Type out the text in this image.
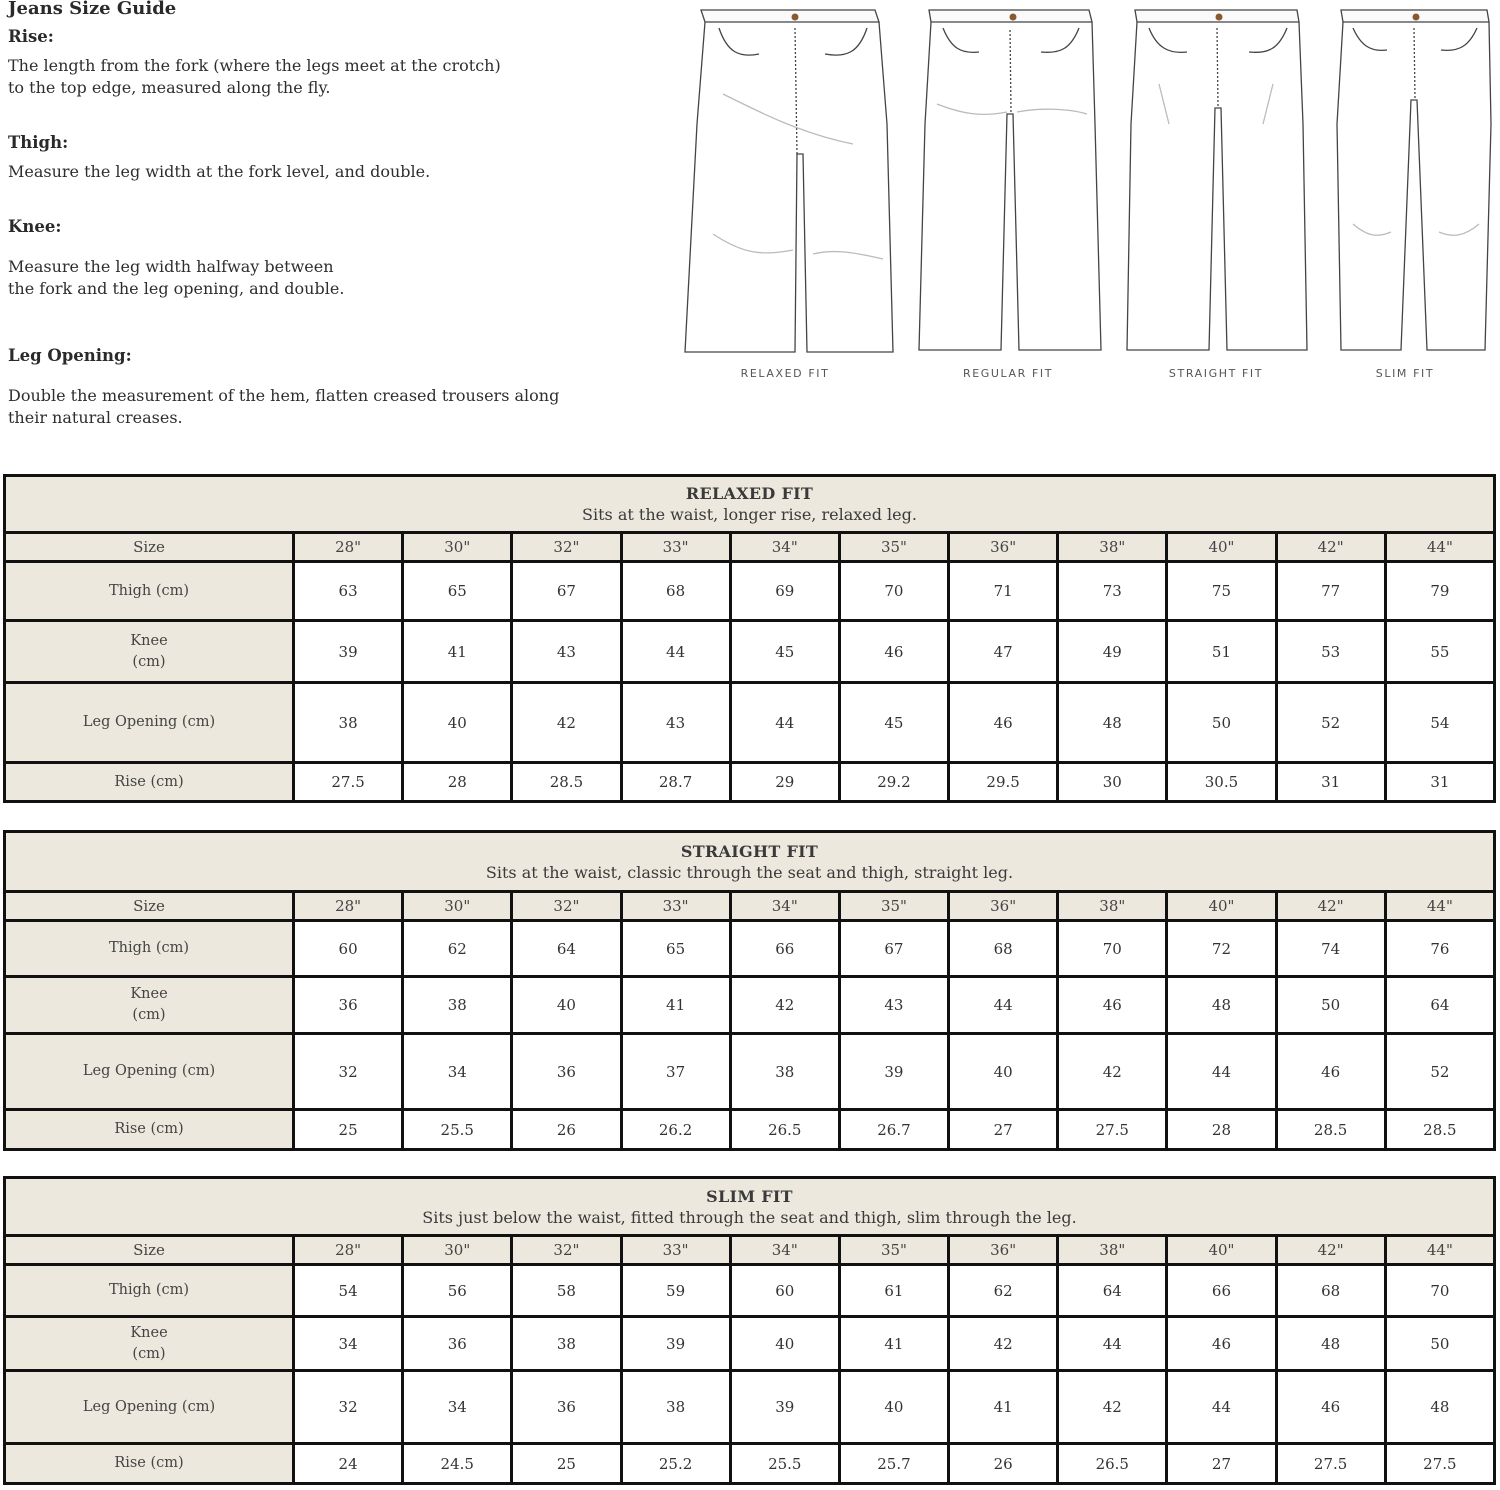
Jeans Size Guide
Rise:
The length from the fork (where the legs meet at the crotch)
to the top edge, measured along the fly.
Thigh:
Measure the leg width at the fork level, and double.
Knee:
Measure the leg width halfway between
the fork and the leg opening, and double.
Leg Opening:
Double the measurement of the hem, flatten creased trousers along
their natural creases.
RELAXED FIT	REGULAR FIT	STRAIGHT FIT	SLIM FIT
RELAXED FIT
Sits at the waist, longer rise, relaxed leg.											

Size	28"	30"	32"	33"	34"	35"	36"	38"	40"	42"	44"
Thigh (cm)	63	65	67	68	69	70	71	73	75	77	79

Knee
(cm)	39	41	43	44	45	46	47	49	51	53	55
Leg Opening (cm)	38	40	42	43	44	45	46	48	50	52	54
Rise (cm)	27.5	28	28.5	28.7	29	29.2	29.5	30	30.5	31	31
STRAIGHT FIT
Sits at the waist, classic through the seat and thigh, straight leg.											

Size	28"	30"	32"	33"	34"	35"	36"	38"	40"	42"	44"
Thigh (cm)	60	62	64	65	66	67	68	70	72	74	76

Knee
(cm)	36	38	40	41	42	43	44	46	48	50	64
Leg Opening (cm)	32	34	36	37	38	39	40	42	44	46	52
Rise (cm)	25	25.5	26	26.2	26.5	26.7	27	27.5	28	28.5	28.5
SLIM FIT
Sits just below the waist, fitted through the seat and thigh, slim through the leg.											

Size	28"	30"	32"	33"	34"	35"	36"	38"	40"	42"	44"
Thigh (cm)	54	56	58	59	60	61	62	64	66	68	70

Knee
(cm)	34	36	38	39	40	41	42	44	46	48	50
Leg Opening (cm)	32	34	36	38	39	40	41	42	44	46	48
Rise (cm)	24	24.5	25	25.2	25.5	25.7	26	26.5	27	27.5	27.5
